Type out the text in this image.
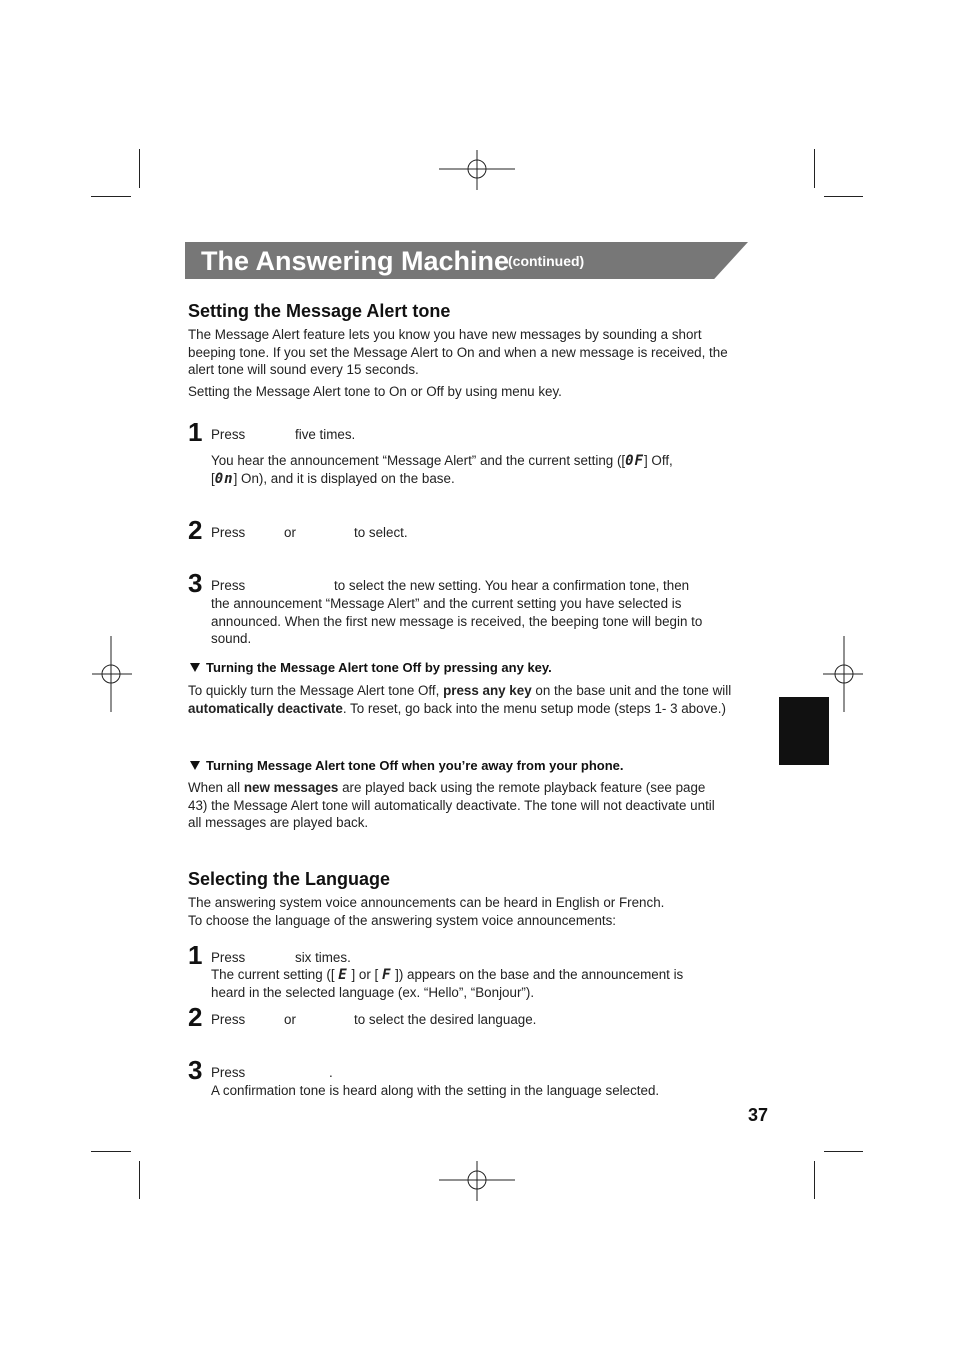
The Answering Machine
(continued)
Setting the Message Alert tone
The Message Alert feature lets you know you have new messages by sounding a short beeping tone. If you set the Message Alert to On and when a new message is received, the alert tone will sound every 15 seconds.
Setting the Message Alert tone to On or Off by using menu key.
1 Press	five times.
You hear the announcement “Message Alert” and the current setting ([0F] Off,
[0n] On), and it is displayed on the base.
2 Press	or	to select.
3 Press	to select the new setting. You hear a confirmation tone, then
the announcement “Message Alert” and the current setting you have selected is announced. When the first new message is received, the beeping tone will begin to sound.
Turning the Message Alert tone Off by pressing any key.
To quickly turn the Message Alert tone Off, press any key on the base unit and the tone will automatically deactivate. To reset, go back into the menu setup mode (steps 1- 3 above.)
Turning Message Alert tone Off when you’re away from your phone.
When all new messages are played back using the remote playback feature (see page 43) the Message Alert tone will automatically deactivate. The tone will not deactivate until all messages are played back.
Selecting the Language
The answering system voice announcements can be heard in English or French.
To choose the language of the answering system voice announcements:
1 Press	six times.
The current setting ([ E ] or [ F ]) appears on the base and the announcement is
heard in the selected language (ex. “Hello”, “Bonjour”).
2 Press	or	to select the desired language.
3 Press	.
A confirmation tone is heard along with the setting in the language selected.
37
